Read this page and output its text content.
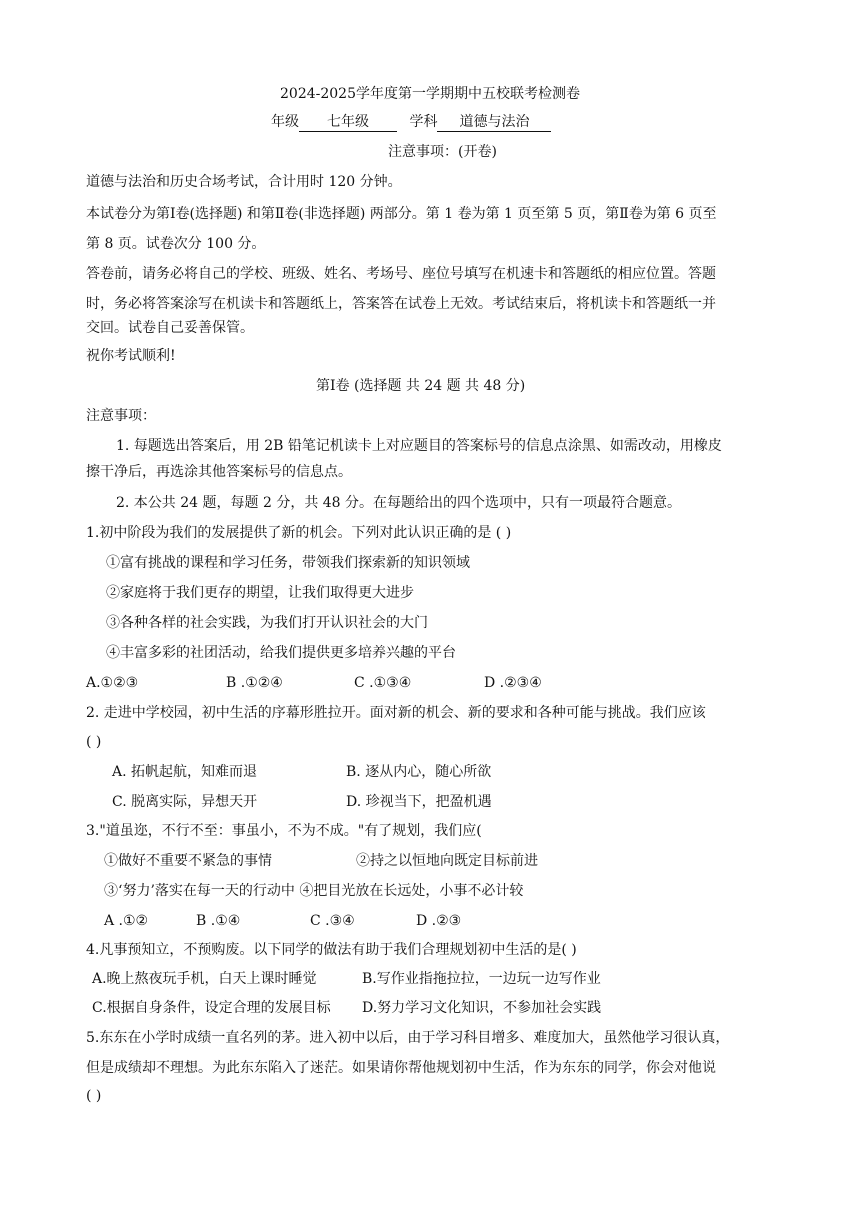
2024-2025学年度第一学期期中五校联考检测卷
年级 七年级	学科 道德与法治
注意事项：(开卷)
道德与法治和历史合场考试，合计用时 120 分钟。
本试卷分为第Ⅰ卷(选择题) 和第Ⅱ卷(非选择题) 两部分。第 1 卷为第 1 页至第 5 页，第Ⅱ卷为第 6 页至
第 8 页。试卷次分 100 分。
答卷前，请务必将自己的学校、班级、姓名、考场号、座位号填写在机速卡和答题纸的相应位置。答题
时，务必将答案涂写在机读卡和答题纸上，答案答在试卷上无效。考试结束后，将机读卡和答题纸一并
交回。试卷自己妥善保管。
祝你考试顺利!
第Ⅰ卷 (选择题 共 24 题 共 48 分)
注意事项：
1. 每题选出答案后，用 2B 铅笔记机读卡上对应题目的答案标号的信息点涂黑、如需改动，用橡皮
擦干净后，再选涂其他答案标号的信息点。
2. 本公共 24 题，每题 2 分，共 48 分。在每题给出的四个选项中，只有一项最符合题意。
1.初中阶段为我们的发展提供了新的机会。下列对此认识正确的是 ( )
①富有挑战的课程和学习任务，带领我们探索新的知识领域
②家庭将于我们更存的期望，让我们取得更大进步
③各种各样的社会实践，为我们打开认识社会的大门
④丰富多彩的社团活动，给我们提供更多培养兴趣的平台
A.①②③	B .①②④	C .①③④	D .②③④
2. 走进中学校园，初中生活的序幕形胜拉开。面对新的机会、新的要求和各种可能与挑战。我们应该
( )
A. 拓帆起航，知难而退	B. 逐从内心，随心所欲
C. 脱离实际，异想天开	D. 珍视当下，把盈机遇
3."道虽迩，不行不至：事虽小，不为不成。"有了规划，我们应(
①做好不重要不紧急的事情	②持之以恒地向既定目标前进
③‘努力’落实在每一天的行动中 ④把目光放在长远处，小事不必计较
A .①②	B .①④	C .③④	D .②③
4.凡事预知立，不预购废。以下同学的做法有助于我们合理规划初中生活的是( )
A.晚上熬夜玩手机，白天上课时睡觉	B.写作业指拖拉拉，一边玩一边写作业
C.根据自身条件，设定合理的发展目标 D.努力学习文化知识，不参加社会实践
5.东东在小学时成绩一直名列的茅。进入初中以后，由于学习科目增多、难度加大，虽然他学习很认真，
但是成绩却不理想。为此东东陷入了迷茫。如果请你帮他规划初中生活，作为东东的同学，你会对他说
( )
